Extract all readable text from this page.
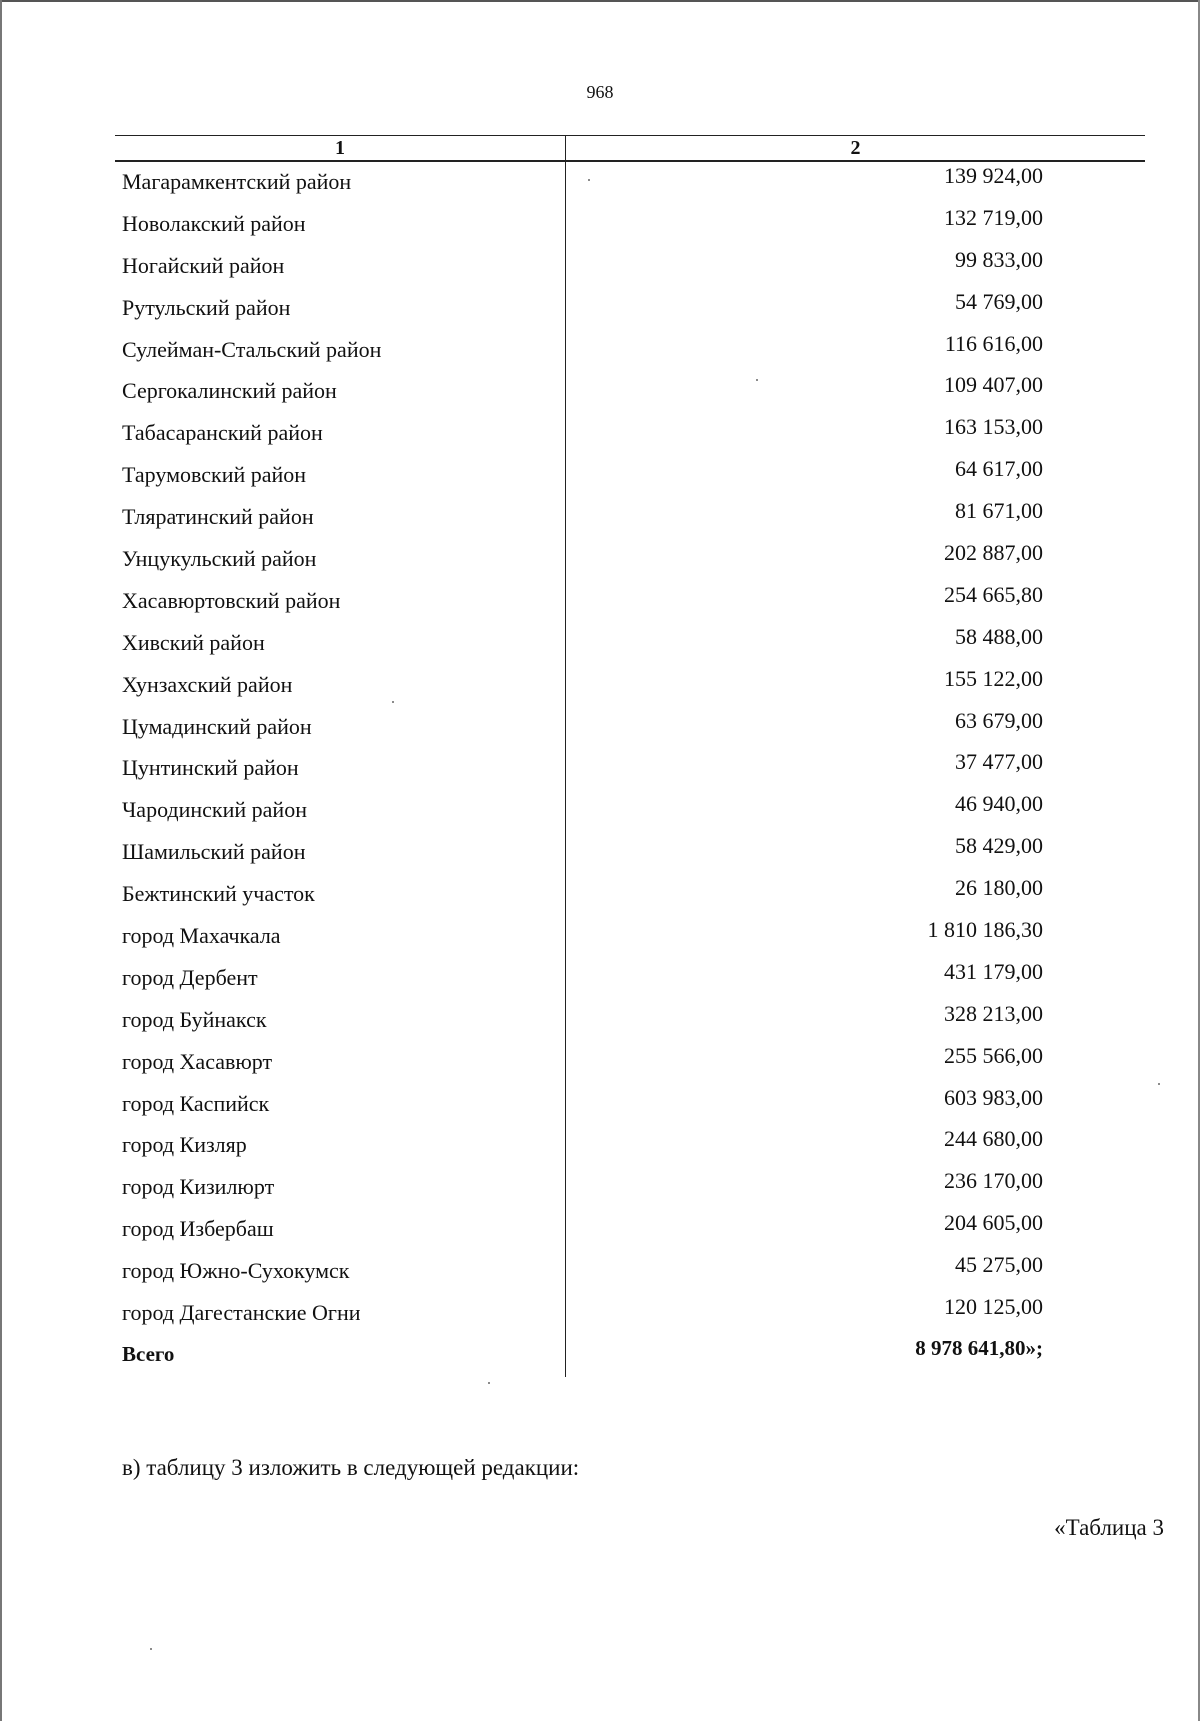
968
1	2
Магарамкентский район	139 924,00
Новолакский район	132 719,00
Ногайский район	99 833,00
Рутульский район	54 769,00
Сулейман-Стальский район	116 616,00
Сергокалинский район	109 407,00
Табасаранский район	163 153,00
Тарумовский район	64 617,00
Тляратинский район	81 671,00
Унцукульский район	202 887,00
Хасавюртовский район	254 665,80
Хивский район	58 488,00
Хунзахский район	155 122,00
Цумадинский район	63 679,00
Цунтинский район	37 477,00
Чародинский район	46 940,00
Шамильский район	58 429,00
Бежтинский участок	26 180,00
город Махачкала	1 810 186,30
город Дербент	431 179,00
город Буйнакск	328 213,00
город Хасавюрт	255 566,00
город Каспийск	603 983,00
город Кизляр	244 680,00
город Кизилюрт	236 170,00
город Избербаш	204 605,00
город Южно-Сухокумск	45 275,00
город Дагестанские Огни	120 125,00
Всего	8 978 641,80»;
в) таблицу 3 изложить в следующей редакции:
«Таблица 3
